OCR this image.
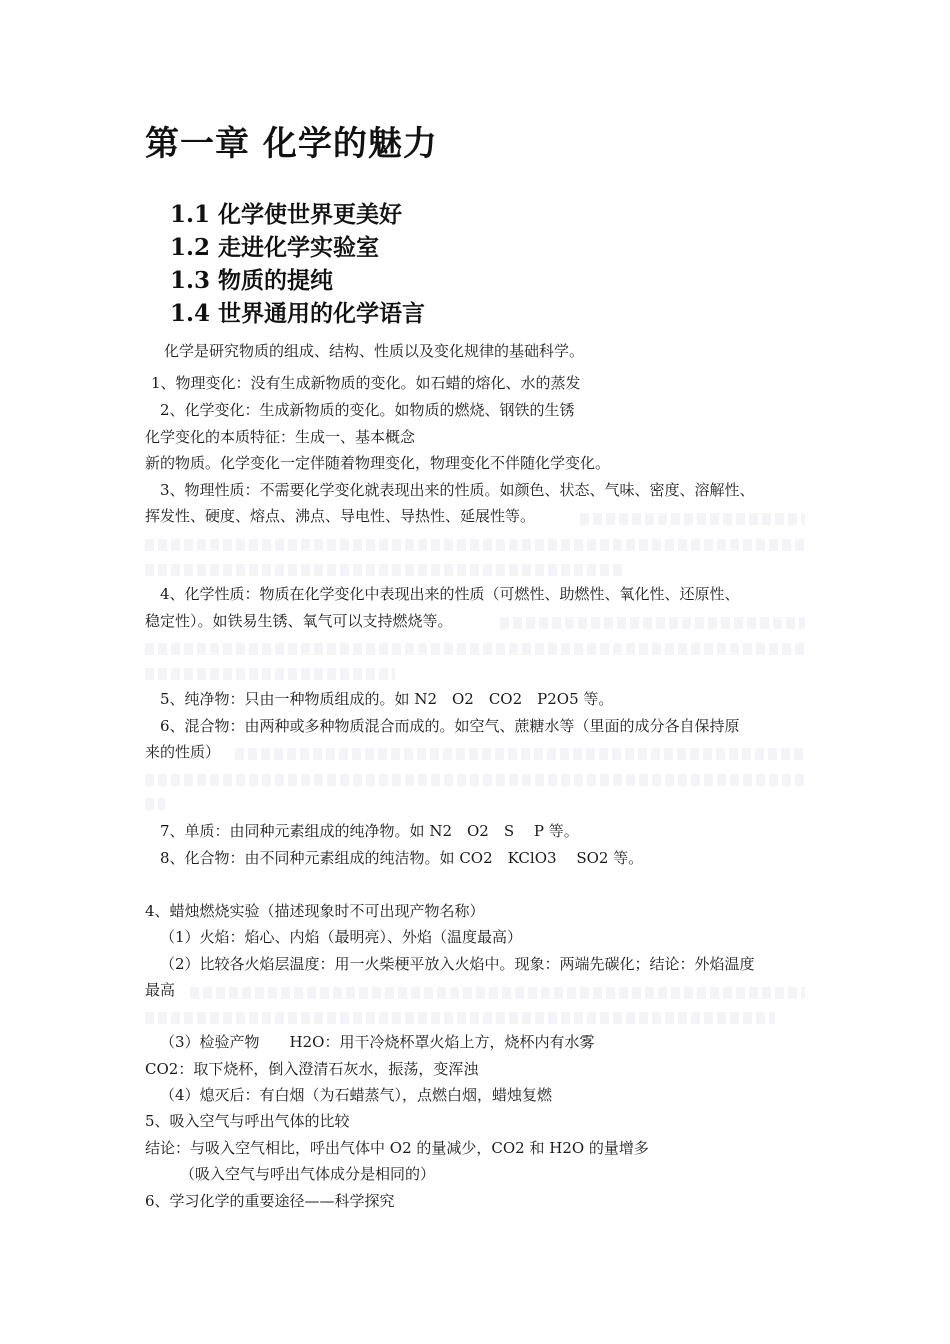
第一章 化学的魅力
1.1 化学使世界更美好
1.2 走进化学实验室
1.3 物质的提纯
1.4 世界通用的化学语言

化学是研究物质的组成、结构、性质以及变化规律的基础科学。

1、物理变化：没有生成新物质的变化。如石蜡的熔化、水的蒸发

2、化学变化：生成新物质的变化。如物质的燃烧、钢铁的生锈

化学变化的本质特征：生成一、基本概念

新的物质。化学变化一定伴随着物理变化，物理变化不伴随化学变化。

3、物理性质：不需要化学变化就表现出来的性质。如颜色、状态、气味、密度、溶解性、

挥发性、硬度、熔点、沸点、导电性、导热性、延展性等。

4、化学性质：物质在化学变化中表现出来的性质（可燃性、助燃性、氧化性、还原性、

稳定性）。如铁易生锈、氧气可以支持燃烧等。

5、纯净物：只由一种物质组成的。如 N2　O2　CO2　P2O5 等。

6、混合物：由两种或多种物质混合而成的。如空气、蔗糖水等（里面的成分各自保持原

来的性质）

7、单质：由同种元素组成的纯净物。如 N2　O2　S　 P 等。

8、化合物：由不同种元素组成的纯洁物。如 CO2　KClO3　 SO2 等。

4、蜡烛燃烧实验（描述现象时不可出现产物名称）

（1）火焰：焰心、内焰（最明亮）、外焰（温度最高）

（2）比较各火焰层温度：用一火柴梗平放入火焰中。现象：两端先碳化；结论：外焰温度

最高

（3）检验产物　　H2O：用干冷烧杯罩火焰上方，烧杯内有水雾

CO2：取下烧杯，倒入澄清石灰水，振荡，变浑浊

（4）熄灭后：有白烟（为石蜡蒸气），点燃白烟，蜡烛复燃

5、吸入空气与呼出气体的比较

结论：与吸入空气相比，呼出气体中 O2 的量减少，CO2 和 H2O 的量增多

（吸入空气与呼出气体成分是相同的）

6、学习化学的重要途径——科学探究
